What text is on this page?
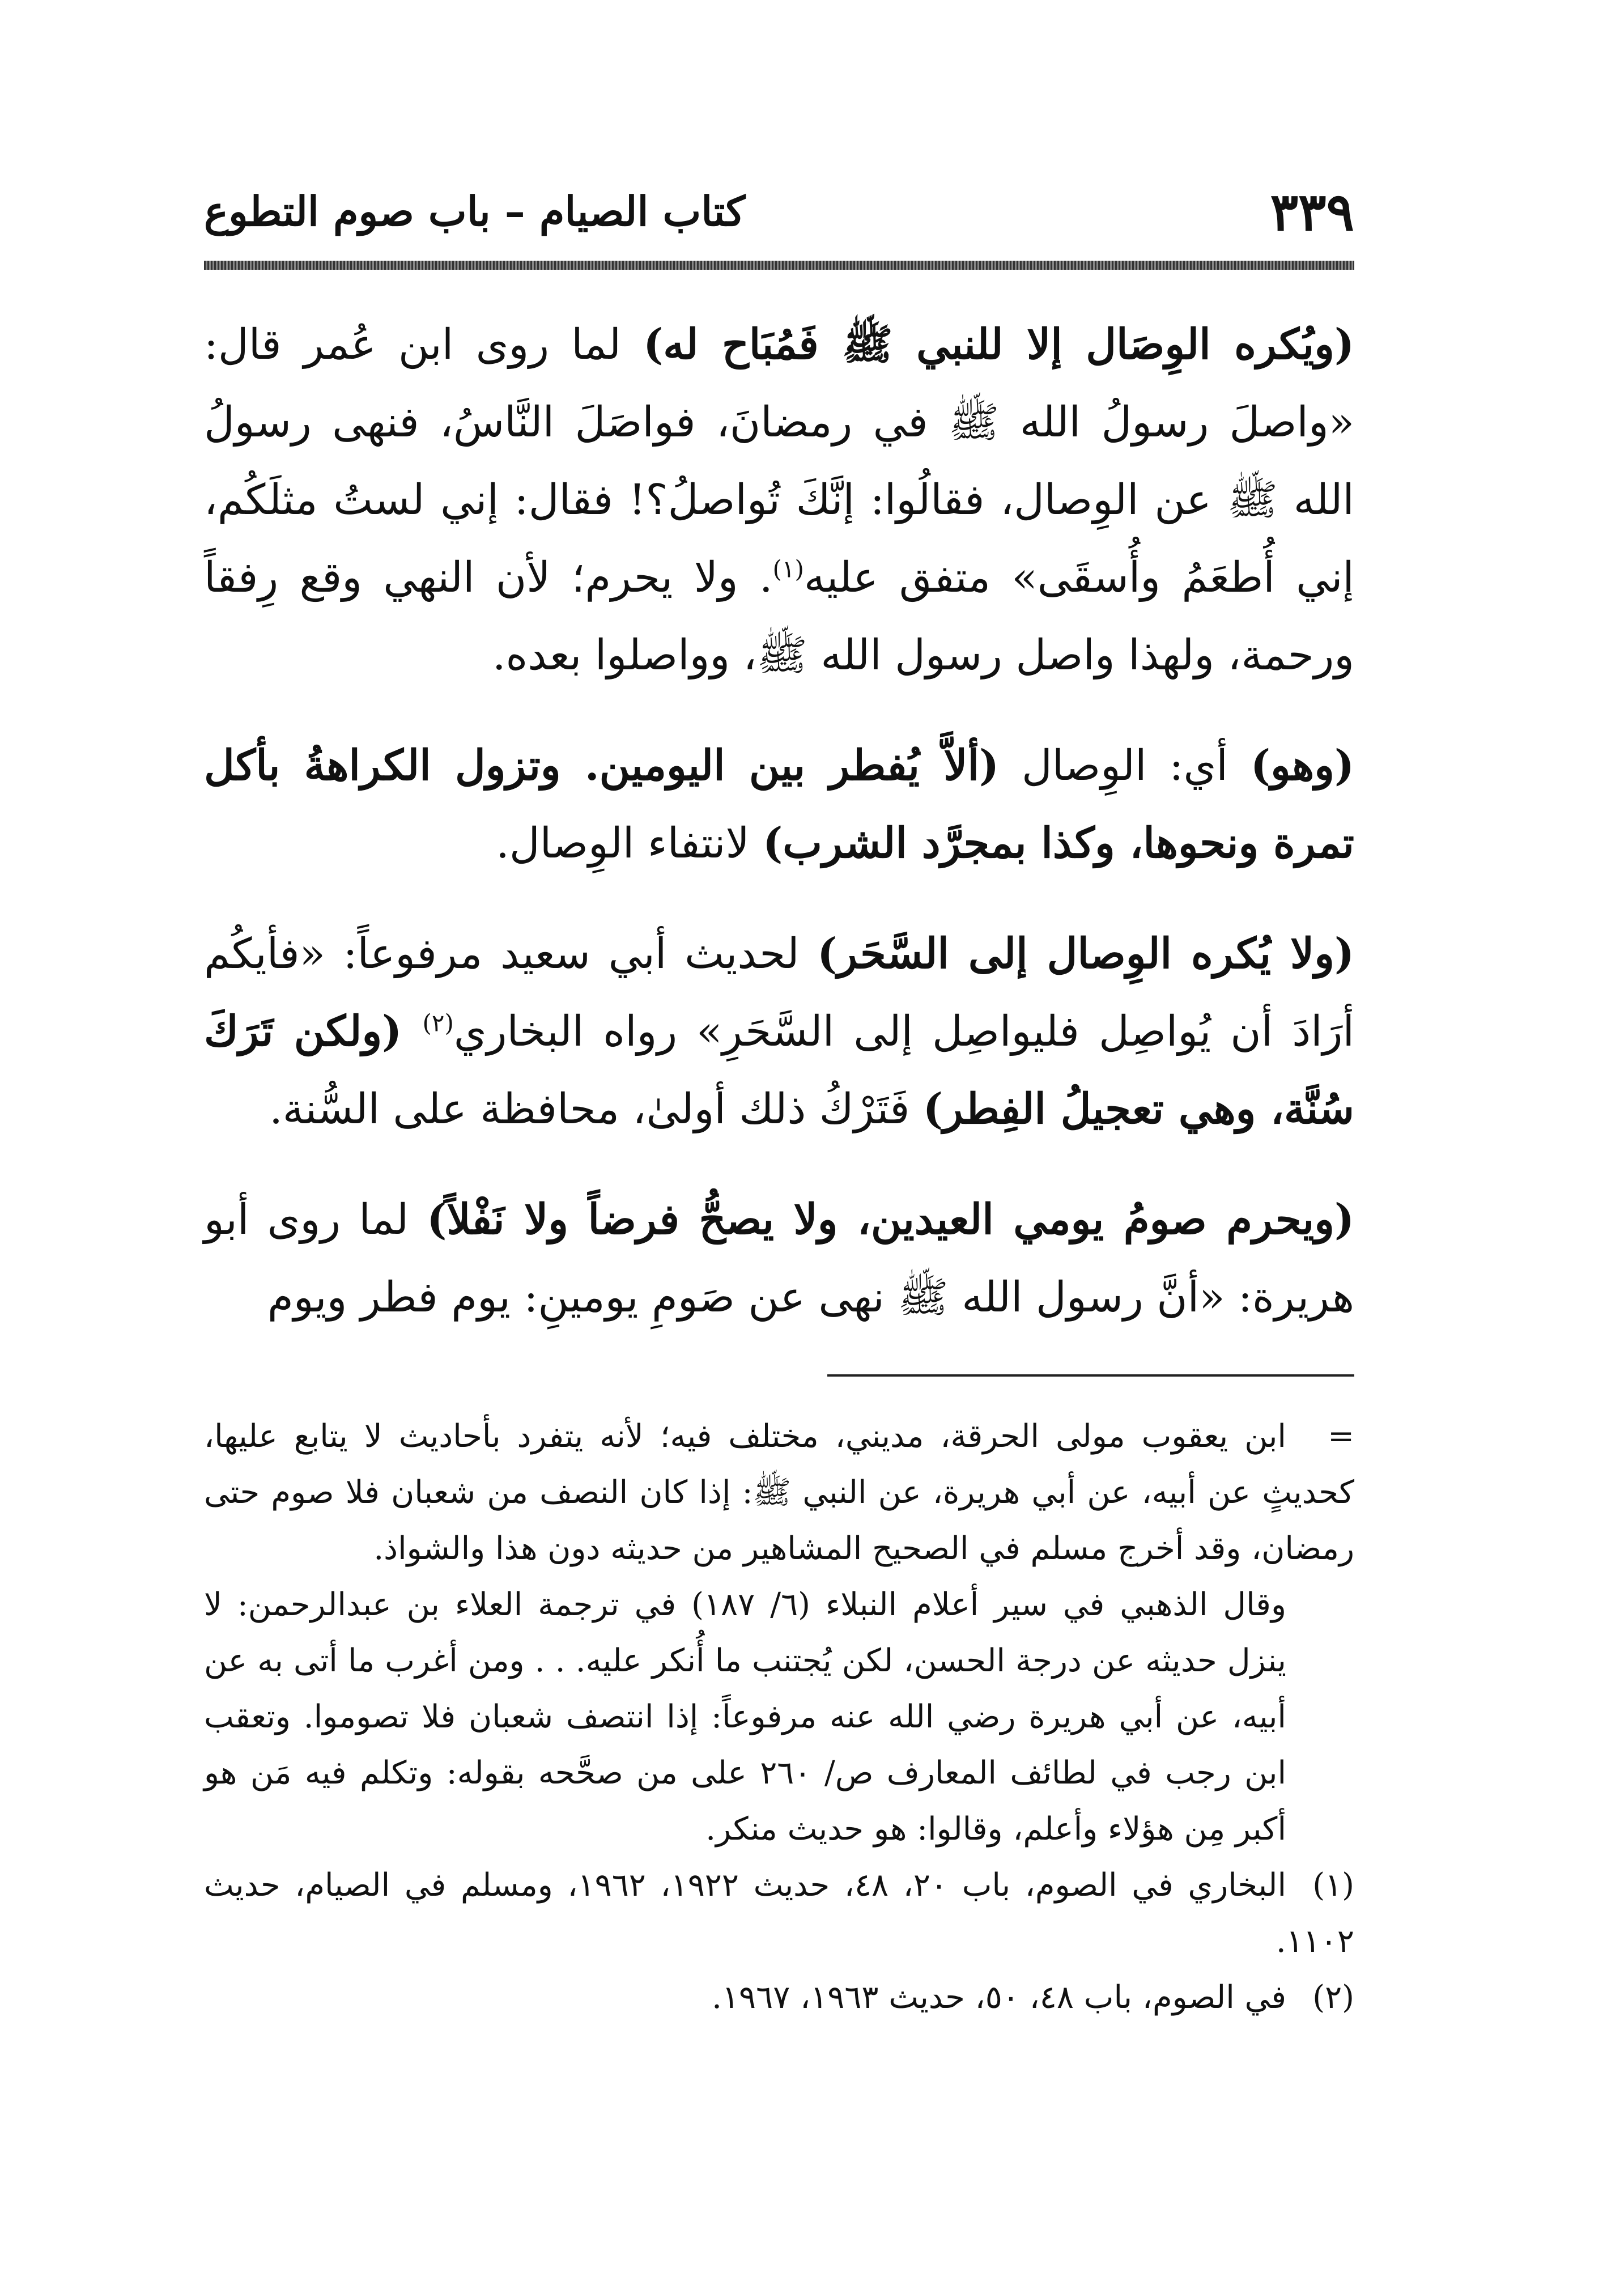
٣٣٩
كتاب الصيام – باب صوم التطوع

(ويُكره الوِصَال إلا للنبي ﷺ فَمُبَاح له) لما روى ابن عُمر قال: «واصلَ رسولُ الله ﷺ في رمضانَ، فواصَلَ النَّاسُ، فنهى رسولُ الله ﷺ عن الوِصال، فقالُوا: إنَّكَ تُواصلُ؟! فقال: إني لستُ مثلَكُم، إني أُطعَمُ وأُسقَى» متفق عليه$^{(١)}$. ولا يحرم؛ لأن النهي وقع رِفقاً ورحمة، ولهذا واصل رسول الله ﷺ، وواصلوا بعده.

(وهو) أي: الوِصال (ألاَّ يُفطر بين اليومين. وتزول الكراهةُ بأكل تمرة ونحوها، وكذا بمجرَّد الشرب) لانتفاء الوِصال.

(ولا يُكره الوِصال إلى السَّحَر) لحديث أبي سعيد مرفوعاً: «فأيكُم أرَادَ أن يُواصِل فليواصِل إلى السَّحَرِ» رواه البخاري$^{(٢)}$ (ولكن تَرَكَ سُنَّة، وهي تعجيلُ الفِطر) فَتَرْكُ ذلك أولىٰ، محافظة على السُّنة.

(ويحرم صومُ يومي العيدين، ولا يصحُّ فرضاً ولا نَفْلاً) لما روى أبو هريرة: «أنَّ رسول الله ﷺ نهى عن صَومِ يومينِ: يوم فطر ويوم

=ابن يعقوب مولى الحرقة، مديني، مختلف فيه؛ لأنه يتفرد بأحاديث لا يتابع عليها، كحديثٍ عن أبيه، عن أبي هريرة، عن النبي ﷺ: إذا كان النصف من شعبان فلا صوم حتى رمضان، وقد أخرج مسلم في الصحيح المشاهير من حديثه دون هذا والشواذ.

وقال الذهبي في سير أعلام النبلاء (٦/ ١٨٧) في ترجمة العلاء بن عبدالرحمن: لا ينزل حديثه عن درجة الحسن، لكن يُجتنب ما أُنكر عليه. . . ومن أغرب ما أتى به عن أبيه، عن أبي هريرة رضي الله عنه مرفوعاً: إذا انتصف شعبان فلا تصوموا. وتعقب ابن رجب في لطائف المعارف ص/ ٢٦٠ على من صحَّحه بقوله: وتكلم فيه مَن هو أكبر مِن هؤلاء وأعلم، وقالوا: هو حديث منكر.

(١)البخاري في الصوم، باب ٢٠، ٤٨، حديث ١٩٢٢، ١٩٦٢، ومسلم في الصيام، حديث ١١٠٢.

(٢)في الصوم، باب ٤٨، ٥٠، حديث ١٩٦٣، ١٩٦٧.
